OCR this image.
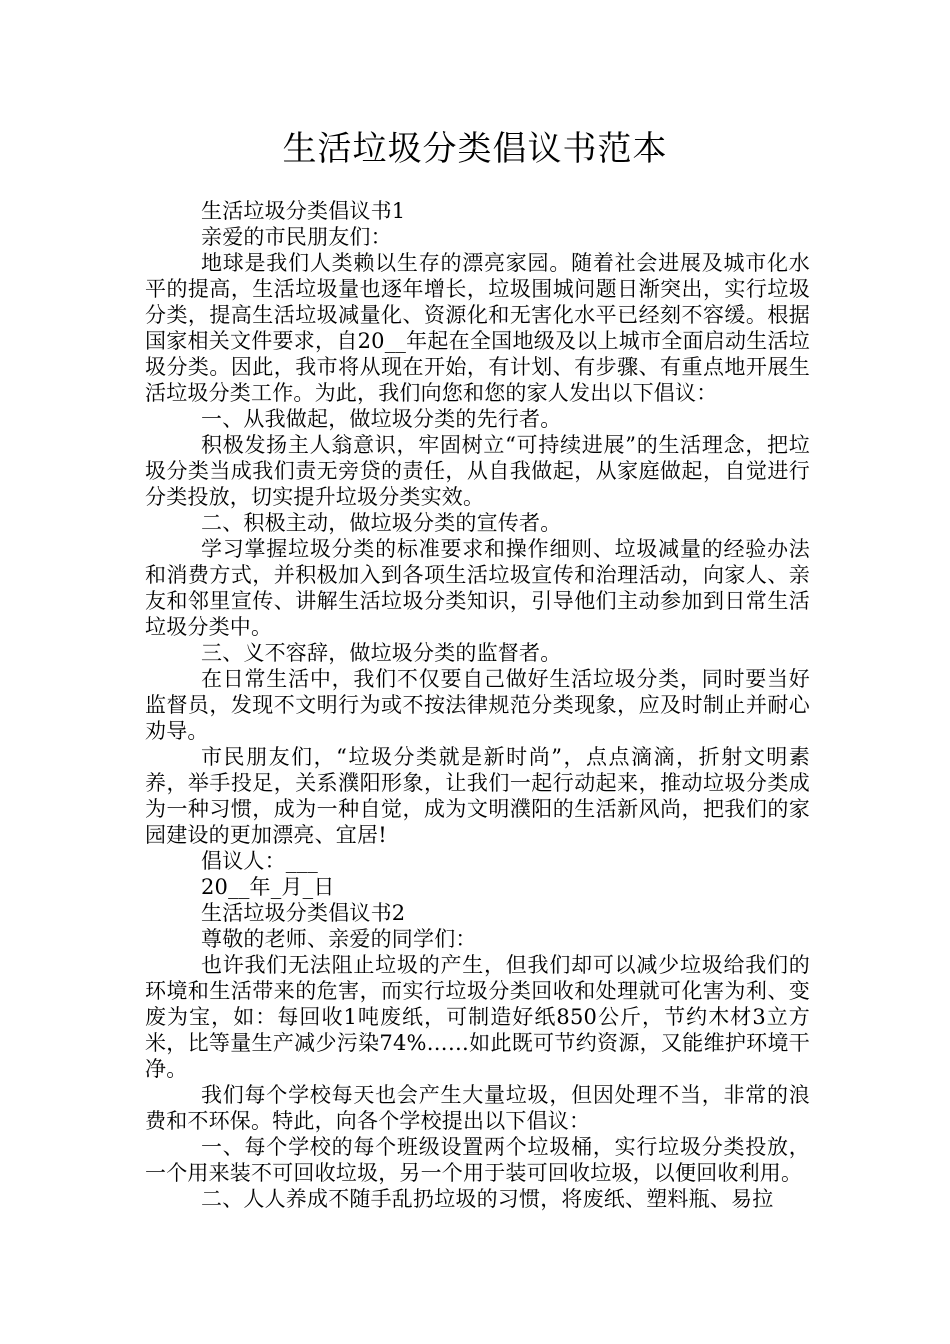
生活垃圾分类倡议书范本

生活垃圾分类倡议书1

亲爱的市民朋友们：

地球是我们人类赖以生存的漂亮家园。随着社会进展及城市化水平的提高，生活垃圾量也逐年增长，垃圾围城问题日渐突出，实行垃圾分类，提高生活垃圾减量化、资源化和无害化水平已经刻不容缓。根据国家相关文件要求，自20__年起在全国地级及以上城市全面启动生活垃圾分类。因此，我市将从现在开始，有计划、有步骤、有重点地开展生活垃圾分类工作。为此，我们向您和您的家人发出以下倡议：

一、从我做起，做垃圾分类的先行者。

积极发扬主人翁意识，牢固树立“可持续进展”的生活理念，把垃圾分类当成我们责无旁贷的责任，从自我做起，从家庭做起，自觉进行分类投放，切实提升垃圾分类实效。

二、积极主动，做垃圾分类的宣传者。

学习掌握垃圾分类的标准要求和操作细则、垃圾减量的经验办法和消费方式，并积极加入到各项生活垃圾宣传和治理活动，向家人、亲友和邻里宣传、讲解生活垃圾分类知识，引导他们主动参加到日常生活垃圾分类中。

三、义不容辞，做垃圾分类的监督者。

在日常生活中，我们不仅要自己做好生活垃圾分类，同时要当好监督员，发现不文明行为或不按法律规范分类现象，应及时制止并耐心劝导。

市民朋友们，“垃圾分类就是新时尚”，点点滴滴，折射文明素养，举手投足，关系濮阳形象，让我们一起行动起来，推动垃圾分类成为一种习惯，成为一种自觉，成为文明濮阳的生活新风尚，把我们的家园建设的更加漂亮、宜居!

倡议人：___

20__年_月_日

生活垃圾分类倡议书2

尊敬的老师、亲爱的同学们：

也许我们无法阻止垃圾的产生，但我们却可以减少垃圾给我们的环境和生活带来的危害，而实行垃圾分类回收和处理就可化害为利、变废为宝，如：每回收1吨废纸，可制造好纸850公斤，节约木材3立方米，比等量生产减少污染74%……如此既可节约资源，又能维护环境干净。

我们每个学校每天也会产生大量垃圾，但因处理不当，非常的浪费和不环保。特此，向各个学校提出以下倡议：

一、每个学校的每个班级设置两个垃圾桶，实行垃圾分类投放，一个用来装不可回收垃圾，另一个用于装可回收垃圾，以便回收利用。

二、人人养成不随手乱扔垃圾的习惯，将废纸、塑料瓶、易拉
